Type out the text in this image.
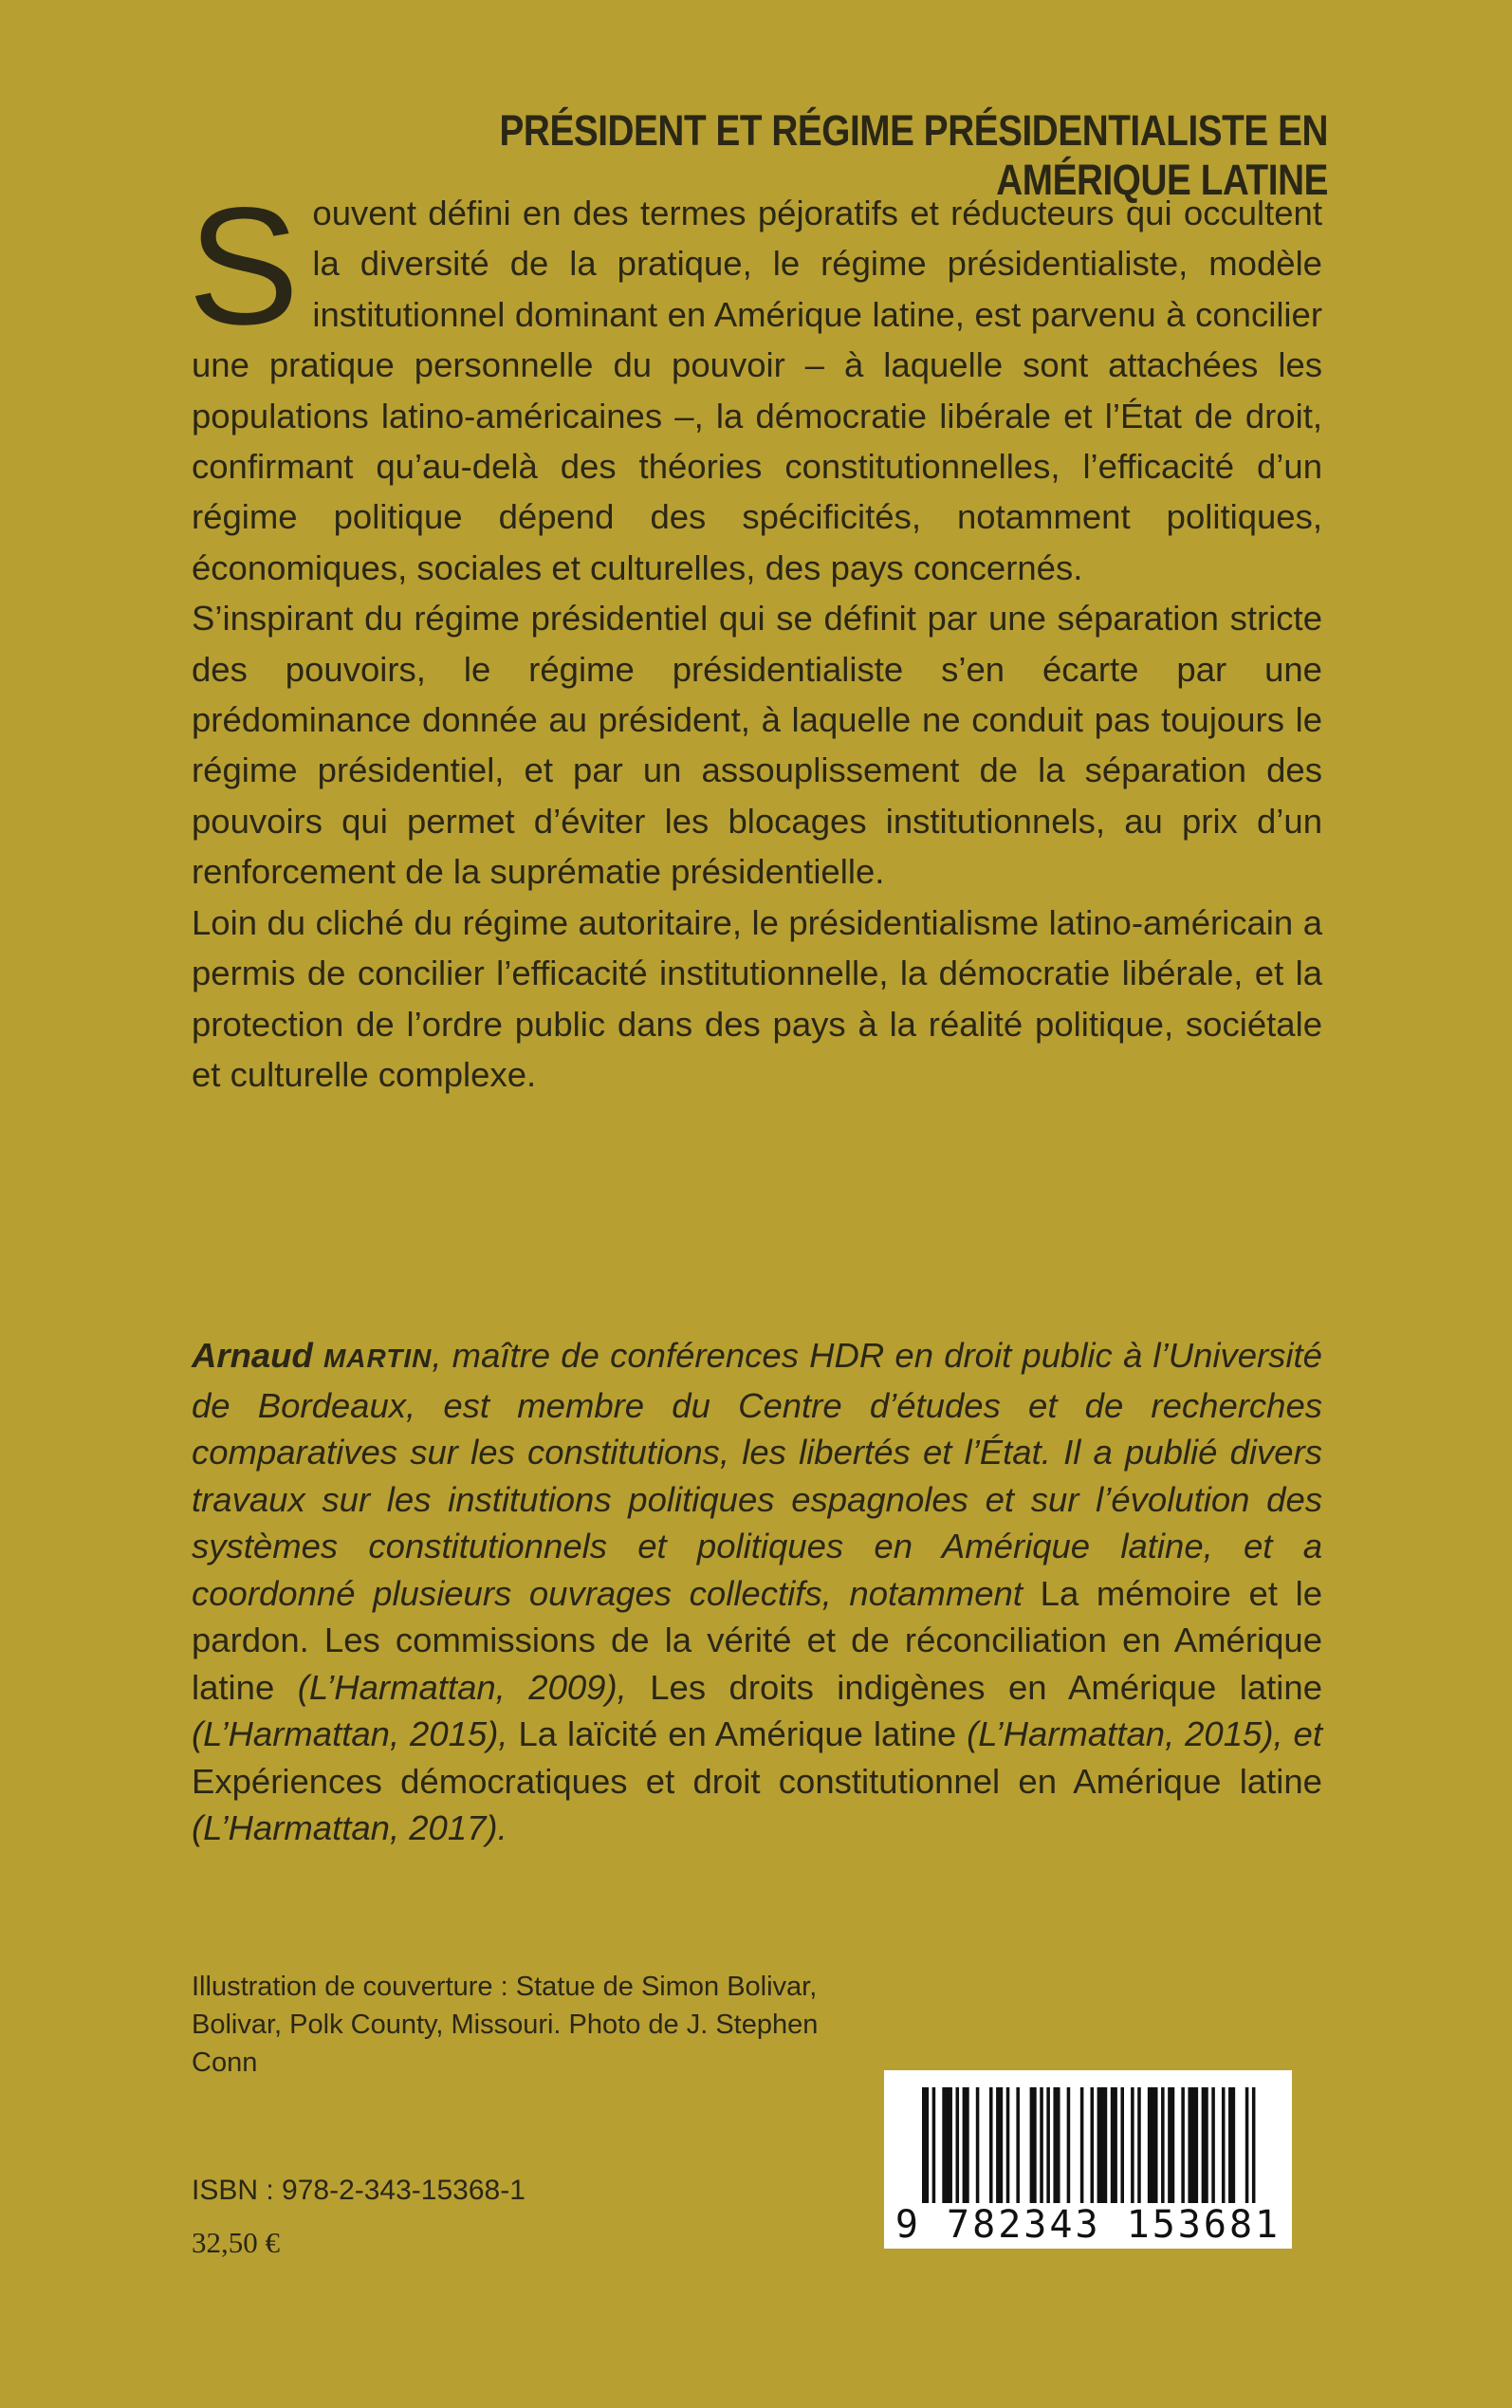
PRÉSIDENT ET RÉGIME PRÉSIDENTIALISTE EN AMÉRIQUE LATINE

Souvent défini en des termes péjoratifs et réducteurs qui occultent la diversité de la pratique, le régime présidentialiste, modèle institutionnel dominant en Amérique latine, est parvenu à concilier une pratique personnelle du pouvoir – à laquelle sont attachées les populations latino-américaines –, la démocratie libérale et l’État de droit, confirmant qu’au-delà des théories constitutionnelles, l’efficacité d’un régime politique dépend des spécificités, notamment politiques, économiques, sociales et culturelles, des pays concernés.

S’inspirant du régime présidentiel qui se définit par une séparation stricte des pouvoirs, le régime présidentialiste s’en écarte par une prédominance donnée au président, à laquelle ne conduit pas toujours le régime présidentiel, et par un assouplissement de la séparation des pouvoirs qui permet d’éviter les blocages institutionnels, au prix d’un renforcement de la suprématie présidentielle.

Loin du cliché du régime autoritaire, le présidentialisme latino-américain a permis de concilier l’efficacité institutionnelle, la démocratie libérale, et la protection de l’ordre public dans des pays à la réalité politique, sociétale et culturelle complexe.

Arnaud MARTIN, maître de conférences HDR en droit public à l’Université de Bordeaux, est membre du Centre d’études et de recherches comparatives sur les constitutions, les libertés et l’État. Il a publié divers travaux sur les institutions politiques espagnoles et sur l’évolution des systèmes constitutionnels et politiques en Amérique latine, et a coordonné plusieurs ouvrages collectifs, notamment La mémoire et le pardon. Les commissions de la vérité et de réconciliation en Amérique latine (L’Harmattan, 2009), Les droits indigènes en Amérique latine (L’Harmattan, 2015), La laïcité en Amérique latine (L’Harmattan, 2015), et Expériences démocratiques et droit constitutionnel en Amérique latine (L’Harmattan, 2017).

Illustration de couverture : Statue de Simon Bolivar, Bolivar, Polk County, Missouri. Photo de J. Stephen Conn

ISBN : 978-2-343-15368-1

32,50 €	9 782343 153681
